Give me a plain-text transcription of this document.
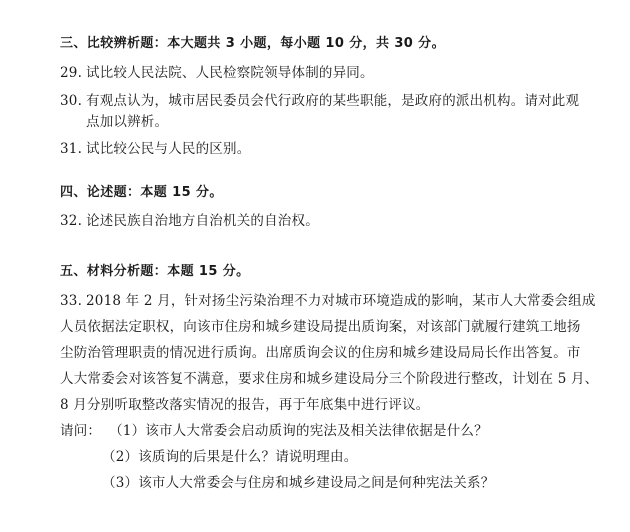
三、比较辨析题：本大题共 3 小题，每小题 10 分，共 30 分。
29. 试比较人民法院、人民检察院领导体制的异同。
30. 有观点认为，城市居民委员会代行政府的某些职能，是政府的派出机构。请对此观
点加以辨析。
31. 试比较公民与人民的区别。
四、论述题：本题 15 分。
32. 论述民族自治地方自治机关的自治权。
五、材料分析题：本题 15 分。
33. 2018 年 2 月，针对扬尘污染治理不力对城市环境造成的影响，某市人大常委会组成
人员依据法定职权，向该市住房和城乡建设局提出质询案，对该部门就履行建筑工地扬
尘防治管理职责的情况进行质询。出席质询会议的住房和城乡建设局局长作出答复。市
人大常委会对该答复不满意，要求住房和城乡建设局分三个阶段进行整改，计划在 5 月、
8 月分别听取整改落实情况的报告，再于年底集中进行评议。
请问： （1）该市人大常委会启动质询的宪法及相关法律依据是什么？
（2）该质询的后果是什么？请说明理由。
（3）该市人大常委会与住房和城乡建设局之间是何种宪法关系？
